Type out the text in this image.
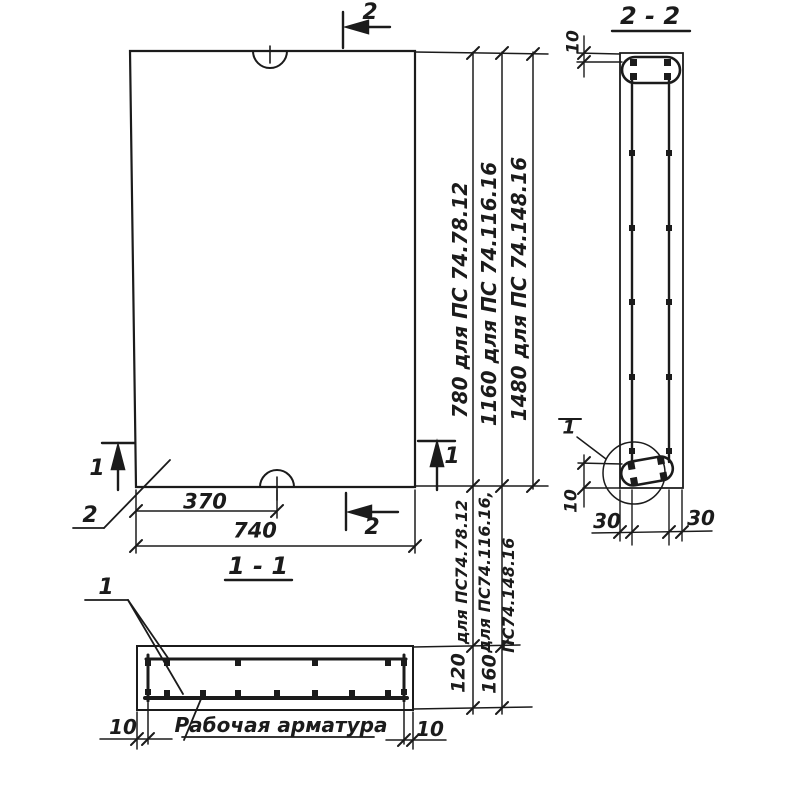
2
2
1	1
2
370
740
780 для ПС 74.78.12 1160 для ПС 74.116.16 1480 для ПС 74.148.16
1 - 1
1
Рабочая арматура
10	10
120 160
для ПС74.78.12 для ПС74.116.16, ПС74.148.16
2 - 2
10
10
30	30
1
